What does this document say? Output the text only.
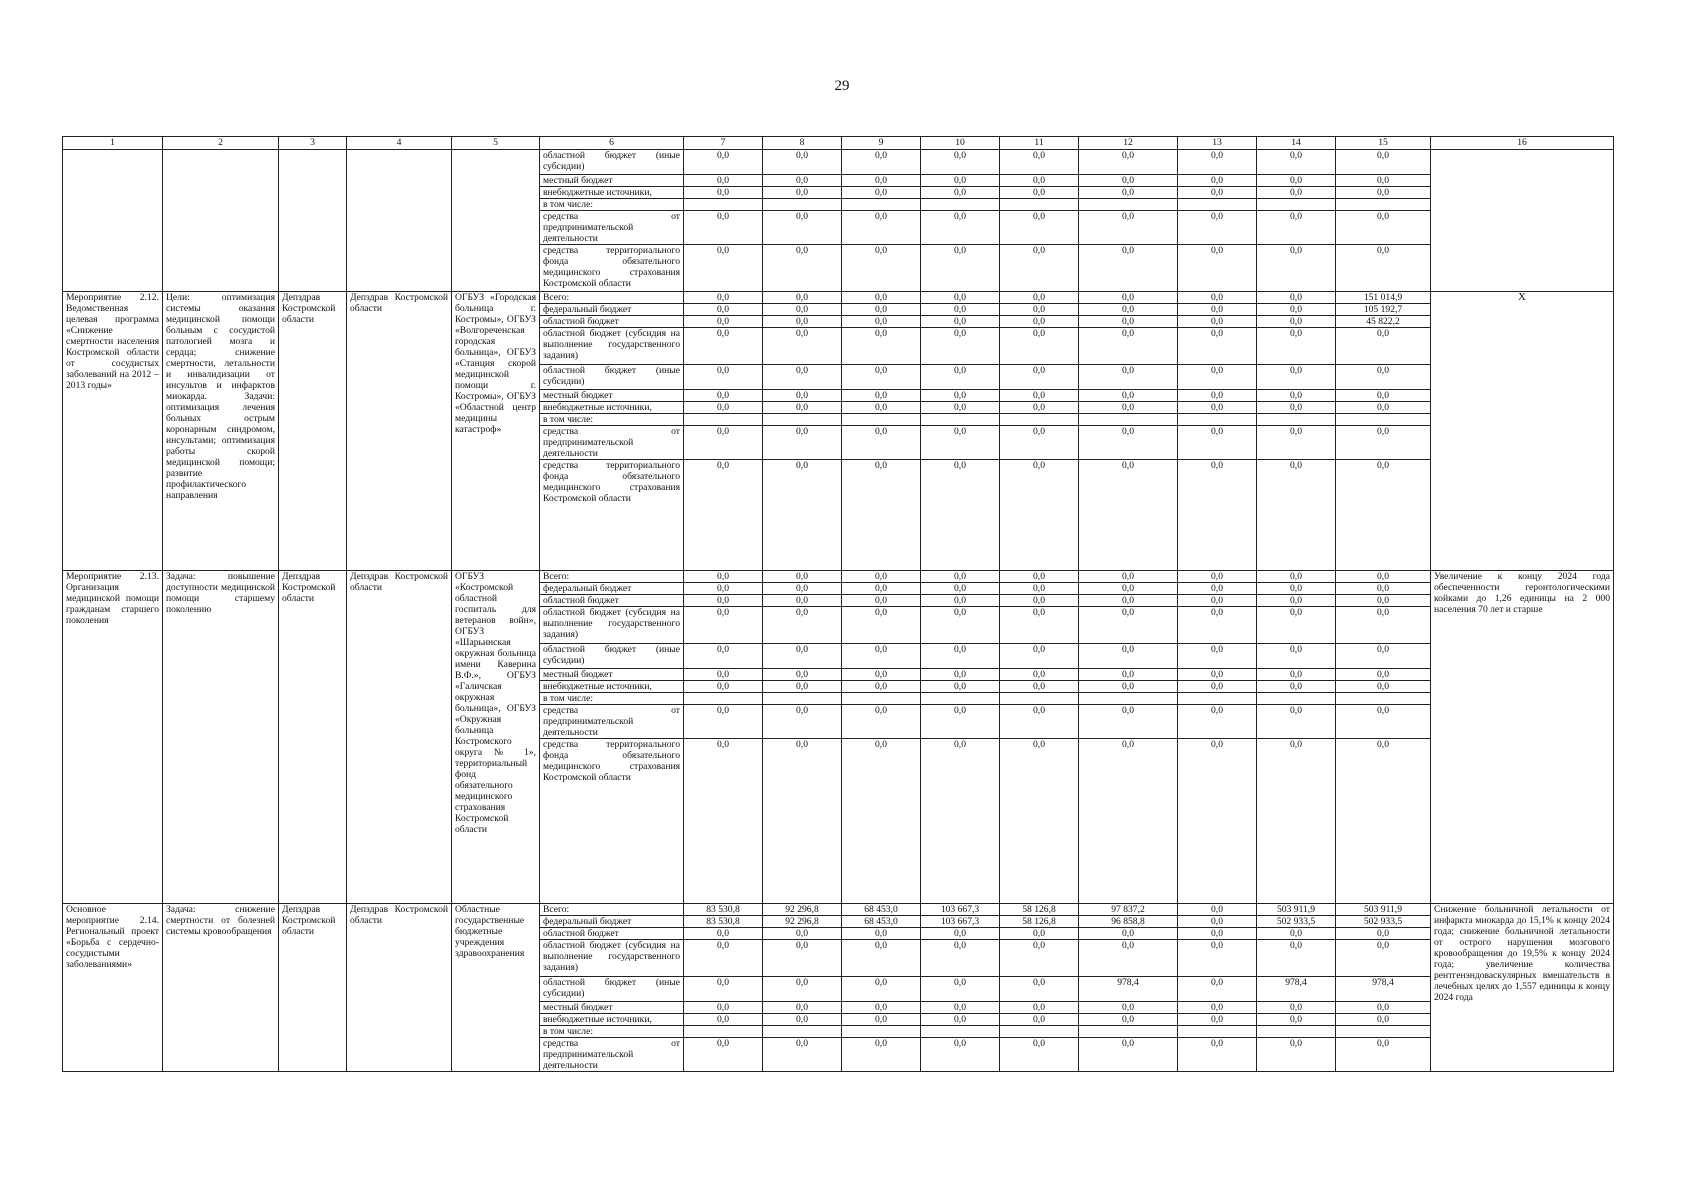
29
1	2	3	4	5	6	7	8	9	10	11	12	13	14	15	16
					областной бюджет (иные субсидии)	0,0	0,0	0,0	0,0	0,0	0,0	0,0	0,0	0,0	
					местный бюджет	0,0	0,0	0,0	0,0	0,0	0,0	0,0	0,0	0,0	
					внебюджетные источники,	0,0	0,0	0,0	0,0	0,0	0,0	0,0	0,0	0,0	
					в том числе:										
					средства от предпринимательской деятельности	0,0	0,0	0,0	0,0	0,0	0,0	0,0	0,0	0,0	
					средства территориального фонда обязательного медицинского страхования Костромской области	0,0	0,0	0,0	0,0	0,0	0,0	0,0	0,0	0,0	
Мероприятие 2.12. Ведомственная целевая программа «Снижение смертности населения Костромской области от сосудистых заболеваний на 2012 – 2013 годы»	Цели: оптимизация системы оказания медицинской помощи больным с сосудистой патологией мозга и сердца; снижение смертности, летальности и инвалидизации от инсультов и инфарктов миокарда. Задачи: оптимизация лечения больных острым коронарным синдромом, инсультами; оптимизация работы скорой медицинской помощи; развитие профилактического направления	Депздрав Костромской области	Депздрав Костромской области	ОГБУЗ «Городская больница г. Костромы», ОГБУЗ «Волгореченская городская больница», ОГБУЗ «Станция скорой медицинской помощи г. Костромы», ОГБУЗ «Областной центр медицины катастроф»	Всего:	0,0	0,0	0,0	0,0	0,0	0,0	0,0	0,0	151 014,9	Х
					федеральный бюджет	0,0	0,0	0,0	0,0	0,0	0,0	0,0	0,0	105 192,7	
					областной бюджет	0,0	0,0	0,0	0,0	0,0	0,0	0,0	0,0	45 822,2	
					областной бюджет (субсидия на выполнение государственного задания)	0,0	0,0	0,0	0,0	0,0	0,0	0,0	0,0	0,0	
					областной бюджет (иные субсидии)	0,0	0,0	0,0	0,0	0,0	0,0	0,0	0,0	0,0	
					местный бюджет	0,0	0,0	0,0	0,0	0,0	0,0	0,0	0,0	0,0	
					внебюджетные источники,	0,0	0,0	0,0	0,0	0,0	0,0	0,0	0,0	0,0	
					в том числе:										
					средства от предпринимательской деятельности	0,0	0,0	0,0	0,0	0,0	0,0	0,0	0,0	0,0	
					средства территориального фонда обязательного медицинского страхования Костромской области	0,0	0,0	0,0	0,0	0,0	0,0	0,0	0,0	0,0	
Мероприятие 2.13. Организация медицинской помощи гражданам старшего поколения	Задача: повышение доступности медицинской помощи старшему поколению	Депздрав Костромской области	Депздрав Костромской области	ОГБУЗ «Костромской областной госпиталь для ветеранов войн», ОГБУЗ «Шарьинская окружная больница имени Каверина В.Ф.», ОГБУЗ «Галичская окружная больница», ОГБУЗ «Окружная больница Костромского округа № 1», территориальный фонд обязательного медицинского страхования Костромской области	Всего:	0,0	0,0	0,0	0,0	0,0	0,0	0,0	0,0	0,0	Увеличение к концу 2024 года обеспеченности геронтологическими койками до 1,26 единицы на 2 000 населения 70 лет и старше
					федеральный бюджет	0,0	0,0	0,0	0,0	0,0	0,0	0,0	0,0	0,0	
					областной бюджет	0,0	0,0	0,0	0,0	0,0	0,0	0,0	0,0	0,0	
					областной бюджет (субсидия на выполнение государственного задания)	0,0	0,0	0,0	0,0	0,0	0,0	0,0	0,0	0,0	
					областной бюджет (иные субсидии)	0,0	0,0	0,0	0,0	0,0	0,0	0,0	0,0	0,0	
					местный бюджет	0,0	0,0	0,0	0,0	0,0	0,0	0,0	0,0	0,0	
					внебюджетные источники,	0,0	0,0	0,0	0,0	0,0	0,0	0,0	0,0	0,0	
					в том числе:										
					средства от предпринимательской деятельности	0,0	0,0	0,0	0,0	0,0	0,0	0,0	0,0	0,0	
					средства территориального фонда обязательного медицинского страхования Костромской области	0,0	0,0	0,0	0,0	0,0	0,0	0,0	0,0	0,0	
Основное мероприятие 2.14. Региональный проект «Борьба с сердечно-сосудистыми заболеваниями»	Задача: снижение смертности от болезней системы кровообращения	Депздрав Костромской области	Депздрав Костромской области	Областные государственные бюджетные учреждения здравоохранения	Всего:	83 530,8	92 296,8	68 453,0	103 667,3	58 126,8	97 837,2	0,0	503 911,9	503 911,9	Снижение больничной летальности от инфаркта миокарда до 15,1% к концу 2024 года; снижение больничной летальности от острого нарушения мозгового кровообращения до 19,5% к концу 2024 года; увеличение количества рентгенэндоваскулярных вмешательств в лечебных целях до 1,557 единицы к концу 2024 года
					федеральный бюджет	83 530,8	92 296,8	68 453,0	103 667,3	58 126,8	96 858,8	0,0	502 933,5	502 933,5	
					областной бюджет	0,0	0,0	0,0	0,0	0,0	0,0	0,0	0,0	0,0	
					областной бюджет (субсидия на выполнение государственного задания)	0,0	0,0	0,0	0,0	0,0	0,0	0,0	0,0	0,0	
					областной бюджет (иные субсидии)	0,0	0,0	0,0	0,0	0,0	978,4	0,0	978,4	978,4	
					местный бюджет	0,0	0,0	0,0	0,0	0,0	0,0	0,0	0,0	0,0	
					внебюджетные источники,	0,0	0,0	0,0	0,0	0,0	0,0	0,0	0,0	0,0	
					в том числе:										
					средства от предпринимательской деятельности	0,0	0,0	0,0	0,0	0,0	0,0	0,0	0,0	0,0	
